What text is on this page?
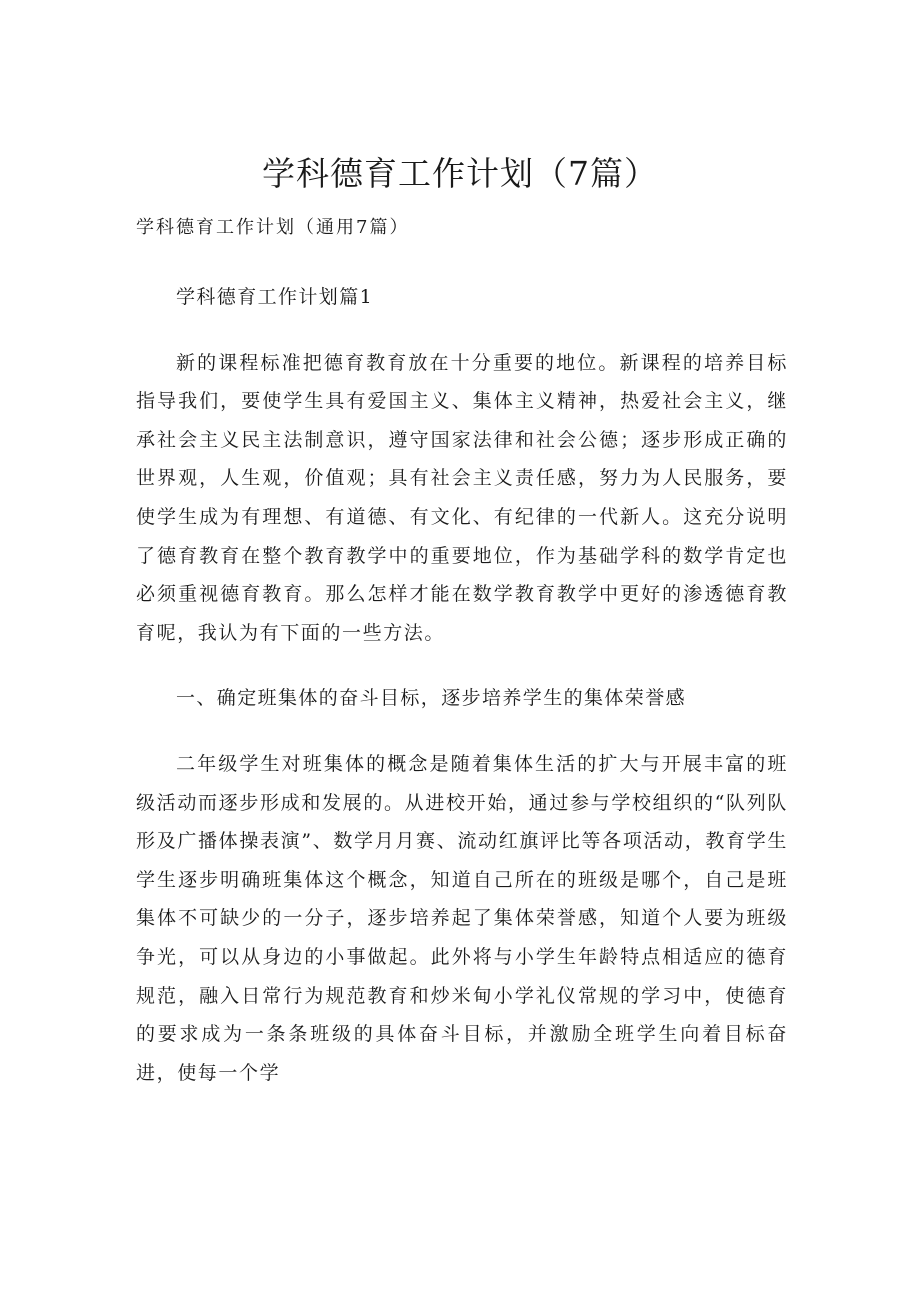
学科德育工作计划（7篇）

学科德育工作计划（通用7篇）

学科德育工作计划篇1

新的课程标准把德育教育放在十分重要的地位。新课程的培养目标指导我们，要使学生具有爱国主义、集体主义精神，热爱社会主义，继承社会主义民主法制意识，遵守国家法律和社会公德；逐步形成正确的世界观，人生观，价值观；具有社会主义责任感，努力为人民服务，要使学生成为有理想、有道德、有文化、有纪律的一代新人。这充分说明了德育教育在整个教育教学中的重要地位，作为基础学科的数学肯定也必须重视德育教育。那么怎样才能在数学教育教学中更好的渗透德育教育呢，我认为有下面的一些方法。

一、确定班集体的奋斗目标，逐步培养学生的集体荣誉感

二年级学生对班集体的概念是随着集体生活的扩大与开展丰富的班级活动而逐步形成和发展的。从进校开始，通过参与学校组织的“队列队形及广播体操表演”、数学月月赛、流动红旗评比等各项活动，教育学生学生逐步明确班集体这个概念，知道自己所在的班级是哪个，自己是班集体不可缺少的一分子，逐步培养起了集体荣誉感，知道个人要为班级争光，可以从身边的小事做起。此外将与小学生年龄特点相适应的德育规范，融入日常行为规范教育和炒米甸小学礼仪常规的学习中，使德育的要求成为一条条班级的具体奋斗目标，并激励全班学生向着目标奋进，使每一个学
